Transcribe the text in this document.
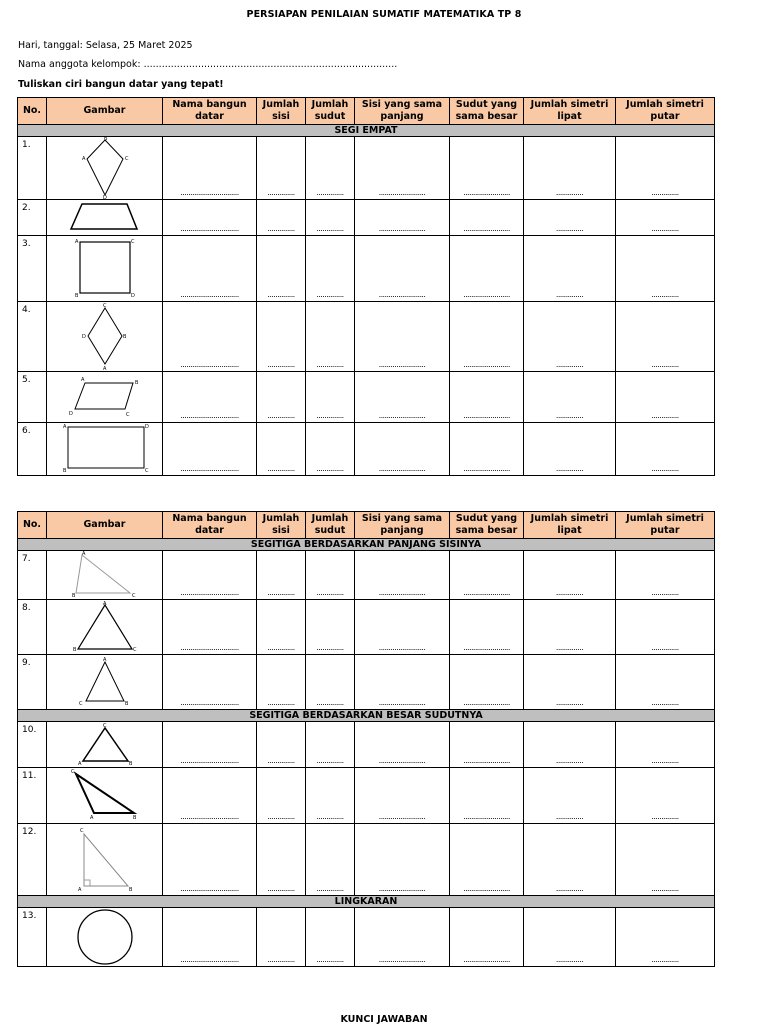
PERSIAPAN PENILAIAN SUMATIF MATEMATIKA TP 8
Hari, tanggal: Selasa, 25 Maret 2025
Nama anggota kelompok: ....................................................................................
Tuliskan ciri bangun datar yang tepat!
No.	Gambar	Nama bangun datar	Jumlah sisi	Jumlah sudut	Sisi yang sama panjang	Sudut yang sama besar	Jumlah simetri lipat	Jumlah simetri putar
SEGI EMPAT								
1.	B
C
A
D	..............................	..............	..............	........................	........................	..............	..............
2.		..............................	..............	..............	........................	........................	..............	..............
3.	A C
B D	..............................	..............	..............	........................	........................	..............	..............
4.	C
B
D
A	..............................	..............	..............	........................	........................	..............	..............
5.	A B
C
D	..............................	..............	..............	........................	........................	..............	..............
6.	A D
B C	..............................	..............	..............	........................	........................	..............	..............
No.	Gambar	Nama bangun datar	Jumlah sisi	Jumlah sudut	Sisi yang sama panjang	Sudut yang sama besar	Jumlah simetri lipat	Jumlah simetri putar
SEGITIGA BERDASARKAN PANJANG SISINYA								
7.	A
B C	..............................	..............	..............	........................	........................	..............	..............
8.	A
B C	..............................	..............	..............	........................	........................	..............	..............
9.	A
C B	..............................	..............	..............	........................	........................	..............	..............
SEGITIGA BERDASARKAN BESAR SUDUTNYA								
10.	C
A B	..............................	..............	..............	........................	........................	..............	..............
11.	C
A B	..............................	..............	..............	........................	........................	..............	..............
12.	C
A B	..............................	..............	..............	........................	........................	..............	..............
LINGKARAN								
13.		..............................	..............	..............	........................	........................	..............	..............
KUNCI JAWABAN
